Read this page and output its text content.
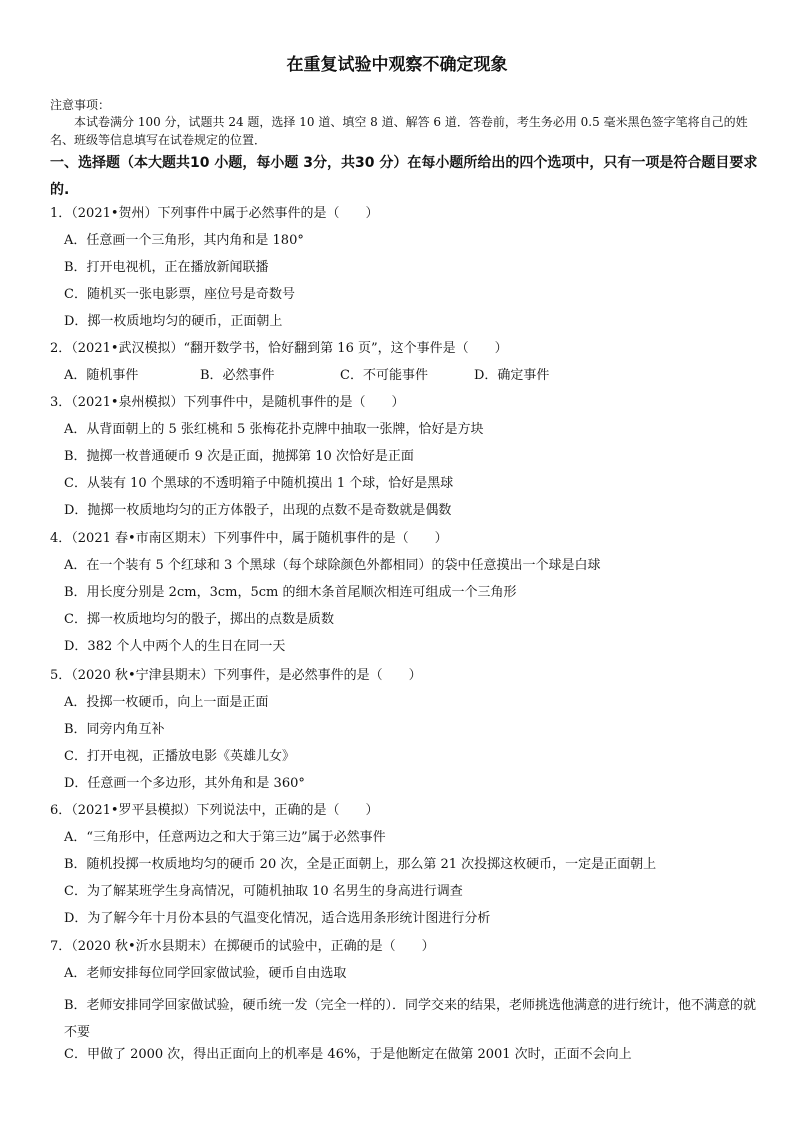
在重复试验中观察不确定现象
注意事项：
本试卷满分 100 分，试题共 24 题，选择 10 道、填空 8 道、解答 6 道．答卷前，考生务必用 0.5 毫米黑色签字笔将自己的姓名、班级等信息填写在试卷规定的位置．
一、选择题（本大题共10 小题，每小题 3分，共30 分）在每小题所给出的四个选项中，只有一项是符合题目要求
的.
1．（2021•贺州）下列事件中属于必然事件的是（　　）
A．任意画一个三角形，其内角和是 180°
B．打开电视机，正在播放新闻联播
C．随机买一张电影票，座位号是奇数号
D．掷一枚质地均匀的硬币，正面朝上
2．（2021•武汉模拟）“翻开数学书，恰好翻到第 16 页”，这个事件是（　　）
A．随机事件	B．必然事件	C．不可能事件	D．确定事件
3．（2021•泉州模拟）下列事件中，是随机事件的是（　　）
A．从背面朝上的 5 张红桃和 5 张梅花扑克牌中抽取一张牌，恰好是方块
B．抛掷一枚普通硬币 9 次是正面，抛掷第 10 次恰好是正面
C．从装有 10 个黑球的不透明箱子中随机摸出 1 个球，恰好是黑球
D．抛掷一枚质地均匀的正方体骰子，出现的点数不是奇数就是偶数
4．（2021 春•市南区期末）下列事件中，属于随机事件的是（　　）
A．在一个装有 5 个红球和 3 个黑球（每个球除颜色外都相同）的袋中任意摸出一个球是白球
B．用长度分别是 2cm，3cm，5cm 的细木条首尾顺次相连可组成一个三角形
C．掷一枚质地均匀的骰子，掷出的点数是质数
D．382 个人中两个人的生日在同一天
5．（2020 秋•宁津县期末）下列事件，是必然事件的是（　　）
A．投掷一枚硬币，向上一面是正面
B．同旁内角互补
C．打开电视，正播放电影《英雄儿女》
D．任意画一个多边形，其外角和是 360°
6．（2021•罗平县模拟）下列说法中，正确的是（　　）
A．“三角形中，任意两边之和大于第三边”属于必然事件
B．随机投掷一枚质地均匀的硬币 20 次，全是正面朝上，那么第 21 次投掷这枚硬币，一定是正面朝上
C．为了解某班学生身高情况，可随机抽取 10 名男生的身高进行调查
D．为了解今年十月份本县的气温变化情况，适合选用条形统计图进行分析
7．（2020 秋•沂水县期末）在掷硬币的试验中，正确的是（　　）
A．老师安排每位同学回家做试验，硬币自由选取
B．老师安排同学回家做试验，硬币统一发（完全一样的）．同学交来的结果，老师挑选他满意的进行统计，他不满意的就不要
C．甲做了 2000 次，得出正面向上的机率是 46%，于是他断定在做第 2001 次时，正面不会向上
